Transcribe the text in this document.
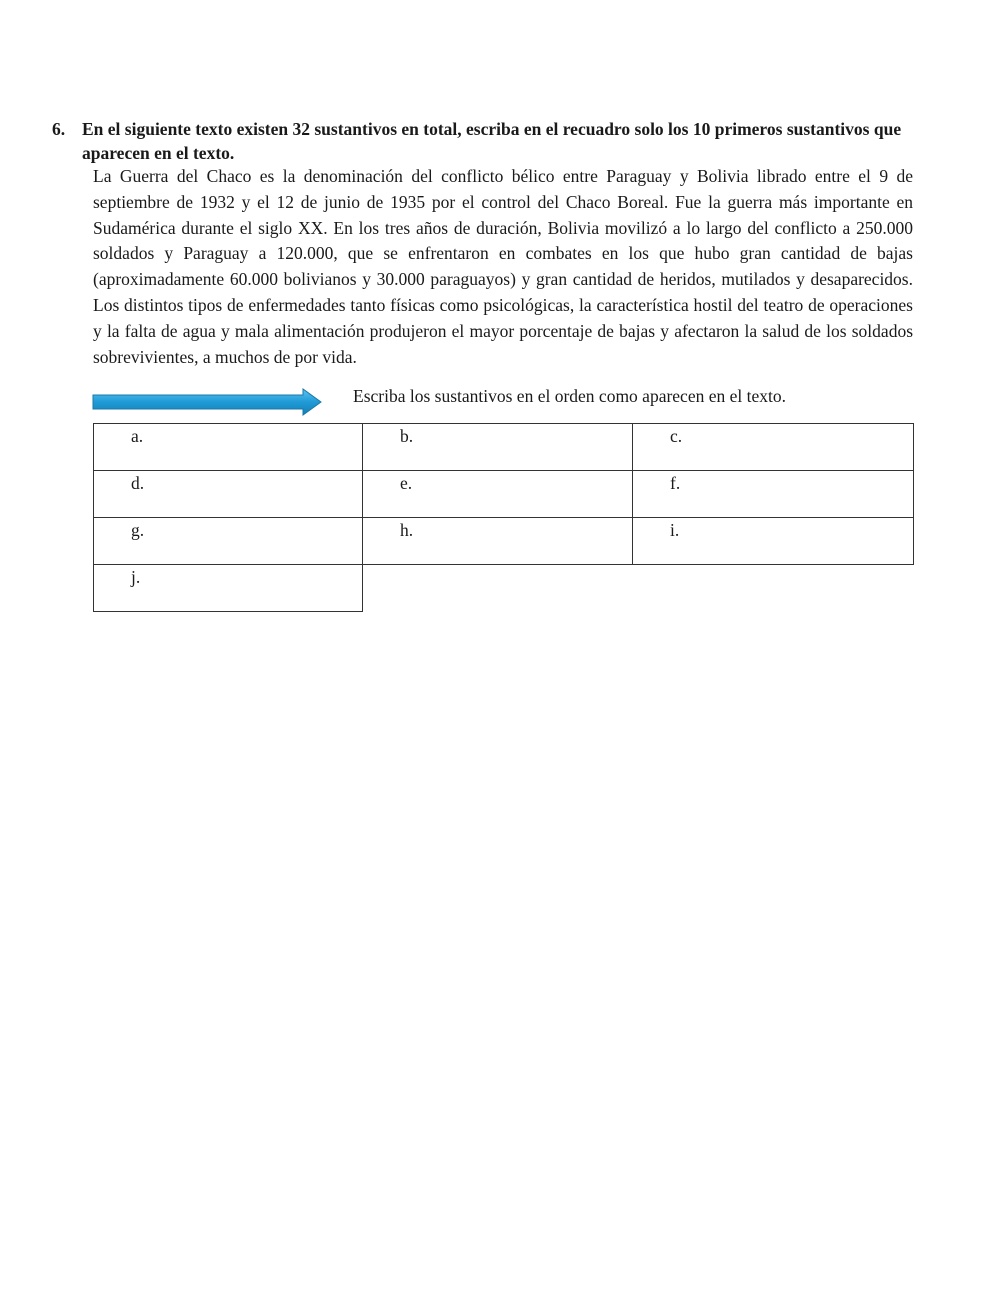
6. En el siguiente texto existen 32 sustantivos en total, escriba en el recuadro solo los 10 primeros sustantivos que aparecen en el texto.
La Guerra del Chaco es la denominación del conflicto bélico entre Paraguay y Bolivia librado entre el 9 de septiembre de 1932 y el 12 de junio de 1935 por el control del Chaco Boreal. Fue la guerra más importante en Sudamérica durante el siglo XX. En los tres años de duración, Bolivia movilizó a lo largo del conflicto a 250.000 soldados y Paraguay a 120.000, que se enfrentaron en combates en los que hubo gran cantidad de bajas (aproximadamente 60.000 bolivianos y 30.000 paraguayos) y gran cantidad de heridos, mutilados y desaparecidos. Los distintos tipos de enfermedades tanto físicas como psicológicas, la característica hostil del teatro de operaciones y la falta de agua y mala alimentación produjeron el mayor porcentaje de bajas y afectaron la salud de los soldados sobrevivientes, a muchos de por vida.
Escriba los sustantivos en el orden como aparecen en el texto.
a.	b.	c.
d.	e.	f.
g.	h.	i.
j.
